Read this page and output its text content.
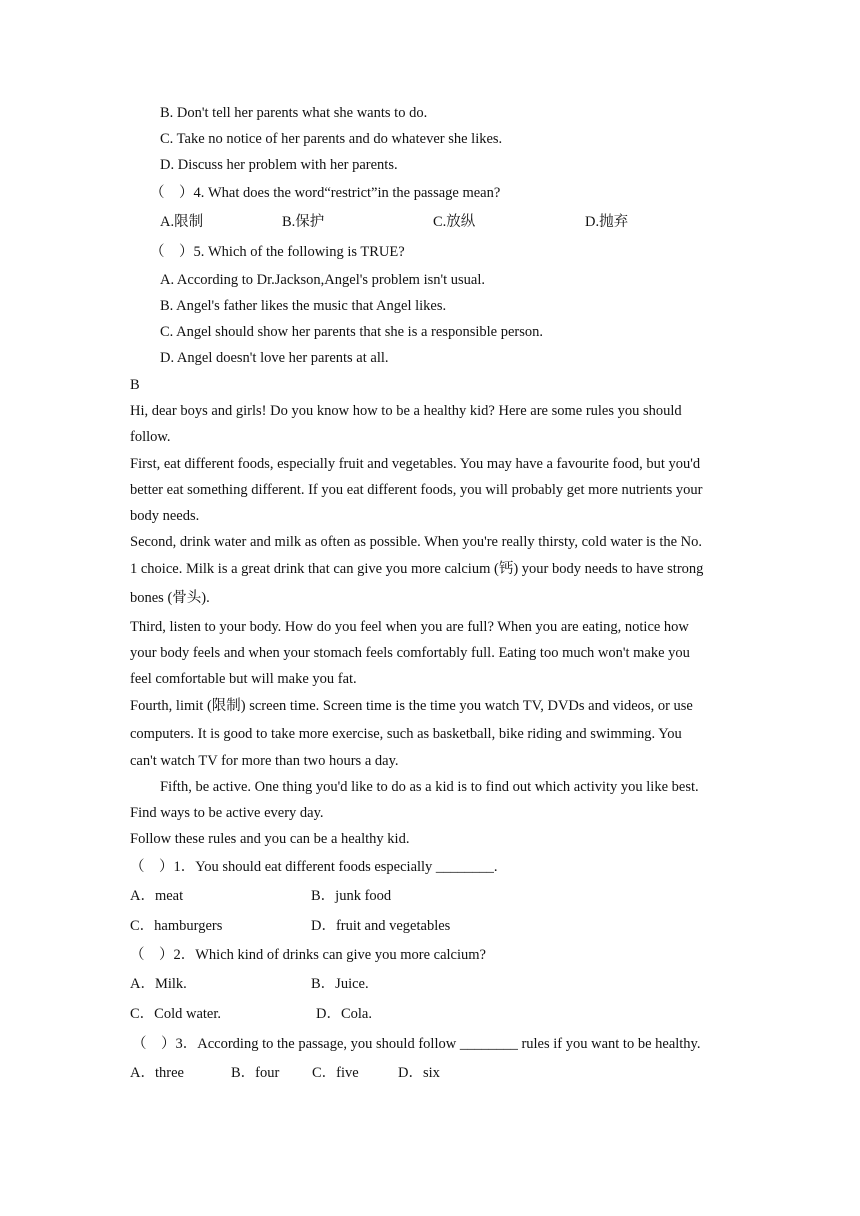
B. Don't tell her parents what she wants to do.
C. Take no notice of her parents and do whatever she likes.
D. Discuss her problem with her parents.
（　）4. What does the word“restrict”in the passage mean?
A.限制	B.保护	C.放纵	D.抛弃
（　）5. Which of the following is TRUE?
A. According to Dr.Jackson,Angel's problem isn't usual.
B. Angel's father likes the music that Angel likes.
C. Angel should show her parents that she is a responsible person.
D. Angel doesn't love her parents at all.
B
Hi, dear boys and girls! Do you know how to be a healthy kid? Here are some rules you should
follow.
First, eat different foods, especially fruit and vegetables. You may have a favourite food, but you'd
better eat something different. If you eat different foods, you will probably get more nutrients your
body needs.
Second, drink water and milk as often as possible. When you're really thirsty, cold water is the No.
1 choice. Milk is a great drink that can give you more calcium (钙) your body needs to have strong
bones (骨头).
Third, listen to your body. How do you feel when you are full? When you are eating, notice how
your body feels and when your stomach feels comfortably full. Eating too much won't make you
feel comfortable but will make you fat.
Fourth, limit (限制) screen time. Screen time is the time you watch TV, DVDs and videos, or use
computers. It is good to take more exercise, such as basketball, bike riding and swimming. You
can't watch TV for more than two hours a day.
Fifth, be active. One thing you'd like to do as a kid is to find out which activity you like best.
Find ways to be active every day.
Follow these rules and you can be a healthy kid.
（　）1．You should eat different foods especially ________.
A．meat	B．junk food
C．hamburgers	D．fruit and vegetables
（　）2．Which kind of drinks can give you more calcium?
A．Milk.	B．Juice.
C．Cold water.	D．Cola.
（　）3．According to the passage, you should follow ________ rules if you want to be healthy.
A．three	B．four C．five	D．six
